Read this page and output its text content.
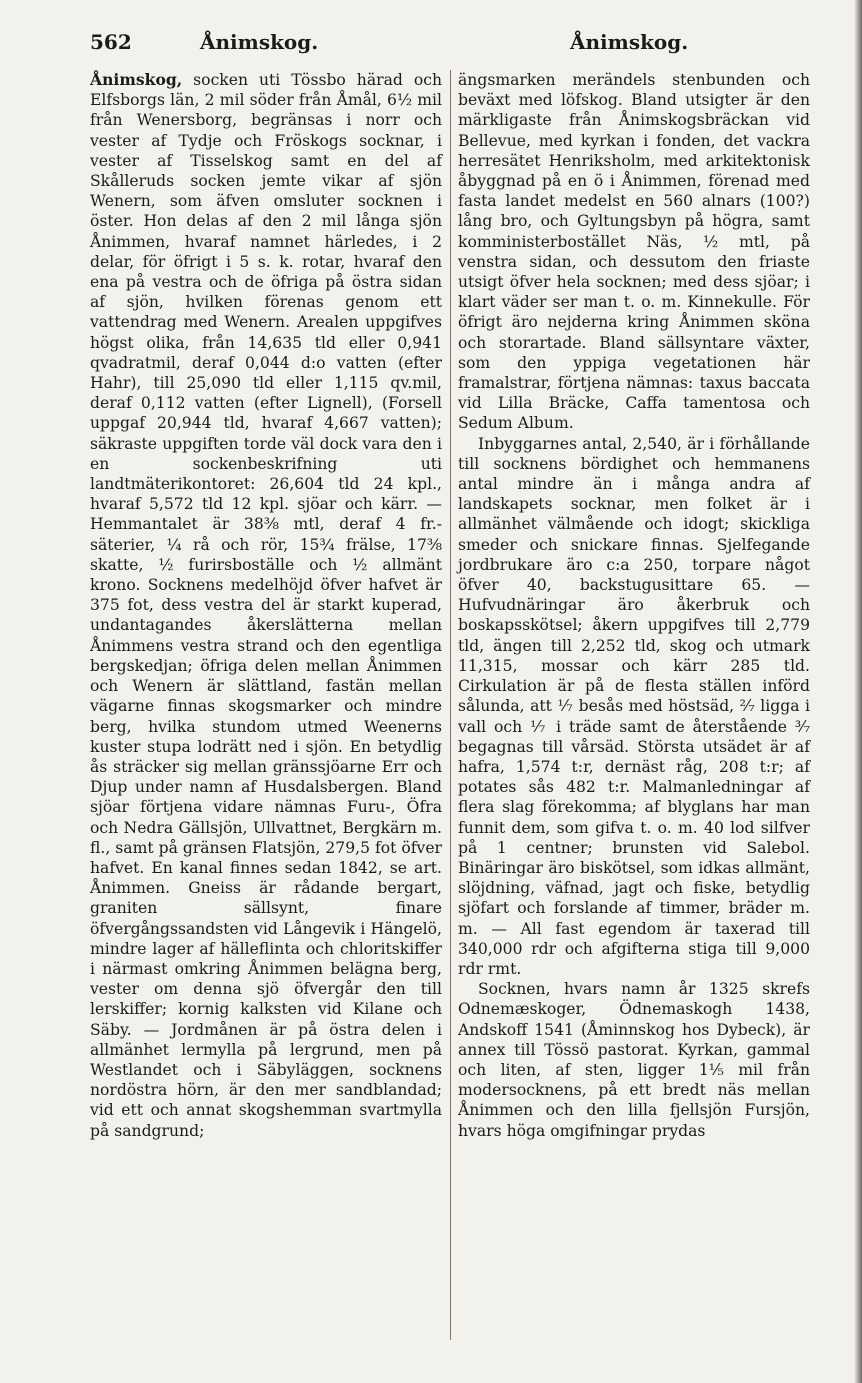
562	Ånimskog.	Ånimskog.

Ånimskog, socken uti Tössbo härad och Elfsborgs län, 2 mil söder från Åmål, 6½ mil från Wenersborg, begränsas i norr och vester af Tydje och Fröskogs socknar, i vester af Tisselskog samt en del af Skålleruds socken jemte vikar af sjön Wenern, som äfven omsluter socknen i öster. Hon delas af den 2 mil långa sjön Ånimmen, hvaraf namnet härledes, i 2 delar, för öfrigt i 5 s. k. rotar, hvaraf den ena på vestra och de öfriga på östra sidan af sjön, hvilken förenas genom ett vattendrag med Wenern. Arealen uppgifves högst olika, från 14,635 tld eller 0,941 qvadratmil, deraf 0,044 d:o vatten (efter Hahr), till 25,090 tld eller 1,115 qv.mil, deraf 0,112 vatten (efter Lignell), (Forsell uppgaf 20,944 tld, hvaraf 4,667 vatten); säkraste uppgiften torde väl dock vara den i en sockenbeskrifning uti landtmäterikontoret: 26,604 tld 24 kpl., hvaraf 5,572 tld 12 kpl. sjöar och kärr. — Hemmantalet är 38⅜ mtl, deraf 4 fr.-säterier, ¼ rå och rör, 15¾ frälse, 17⅜ skatte, ½ furirsboställe och ½ allmänt krono. Socknens medelhöjd öfver hafvet är 375 fot, dess vestra del är starkt kuperad, undantagandes åkerslätterna mellan Ånimmens vestra strand och den egentliga bergskedjan; öfriga delen mellan Ånimmen och Wenern är slättland, fastän mellan vägarne finnas skogsmarker och mindre berg, hvilka stundom utmed Weenerns kuster stupa lodrätt ned i sjön. En betydlig ås sträcker sig mellan gränssjöarne Err och Djup under namn af Husdalsbergen. Bland sjöar förtjena vidare nämnas Furu-, Öfra och Nedra Gällsjön, Ullvattnet, Bergkärn m. fl., samt på gränsen Flatsjön, 279,5 fot öfver hafvet. En kanal finnes sedan 1842, se art. Ånimmen. Gneiss är rådande bergart, graniten sällsynt, finare öfvergångssandsten vid Långevik i Hängelö, mindre lager af hälleflinta och chloritskiffer i närmast omkring Ånimmen belägna berg, vester om denna sjö öfvergår den till lerskiffer; kornig kalksten vid Kilane och Säby. — Jordmånen är på östra delen i allmänhet lermylla på lergrund, men på Westlandet och i Säbyläggen, socknens nordöstra hörn, är den mer sandblandad; vid ett och annat skogshemman svartmylla på sandgrund;

ängsmarken merändels stenbunden och beväxt med löfskog. Bland utsigter är den märkligaste från Ånimskogsbräckan vid Bellevue, med kyrkan i fonden, det vackra herresätet Henriksholm, med arkitektonisk åbyggnad på en ö i Ånimmen, förenad med fasta landet medelst en 560 alnars (100?) lång bro, och Gyltungsbyn på högra, samt komministerbostället Näs, ½ mtl, på venstra sidan, och dessutom den friaste utsigt öfver hela socknen; med dess sjöar; i klart väder ser man t. o. m. Kinnekulle. För öfrigt äro nejderna kring Ånimmen sköna och storartade. Bland sällsyntare växter, som den yppiga vegetationen här framalstrar, förtjena nämnas: taxus baccata vid Lilla Bräcke, Caffa tamentosa och Sedum Album.

Inbyggarnes antal, 2,540, är i förhållande till socknens bördighet och hemmanens antal mindre än i många andra af landskapets socknar, men folket är i allmänhet välmående och idogt; skickliga smeder och snickare finnas. Sjelfegande jordbrukare äro c:a 250, torpare något öfver 40, backstugusittare 65. — Hufvudnäringar äro åkerbruk och boskapsskötsel; åkern uppgifves till 2,779 tld, ängen till 2,252 tld, skog och utmark 11,315, mossar och kärr 285 tld. Cirkulation är på de flesta ställen införd sålunda, att ⅐ besås med höstsäd, ²⁄₇ ligga i vall och ⅐ i träde samt de återstående ³⁄₇ begagnas till vårsäd. Största utsädet är af hafra, 1,574 t:r, dernäst råg, 208 t:r; af potates sås 482 t:r. Malmanledningar af flera slag förekomma; af blyglans har man funnit dem, som gifva t. o. m. 40 lod silfver på 1 centner; brunsten vid Salebol. Binäringar äro biskötsel, som idkas allmänt, slöjdning, väfnad, jagt och fiske, betydlig sjöfart och forslande af timmer, bräder m. m. — All fast egendom är taxerad till 340,000 rdr och afgifterna stiga till 9,000 rdr rmt.

Socknen, hvars namn år 1325 skrefs Odnemæskoger, Ödnemaskogh 1438, Andskoff 1541 (Åminnskog hos Dybeck), är annex till Tössö pastorat. Kyrkan, gammal och liten, af sten, ligger 1⅕ mil från modersocknens, på ett bredt näs mellan Ånimmen och den lilla fjellsjön Fursjön, hvars höga omgifningar prydas
